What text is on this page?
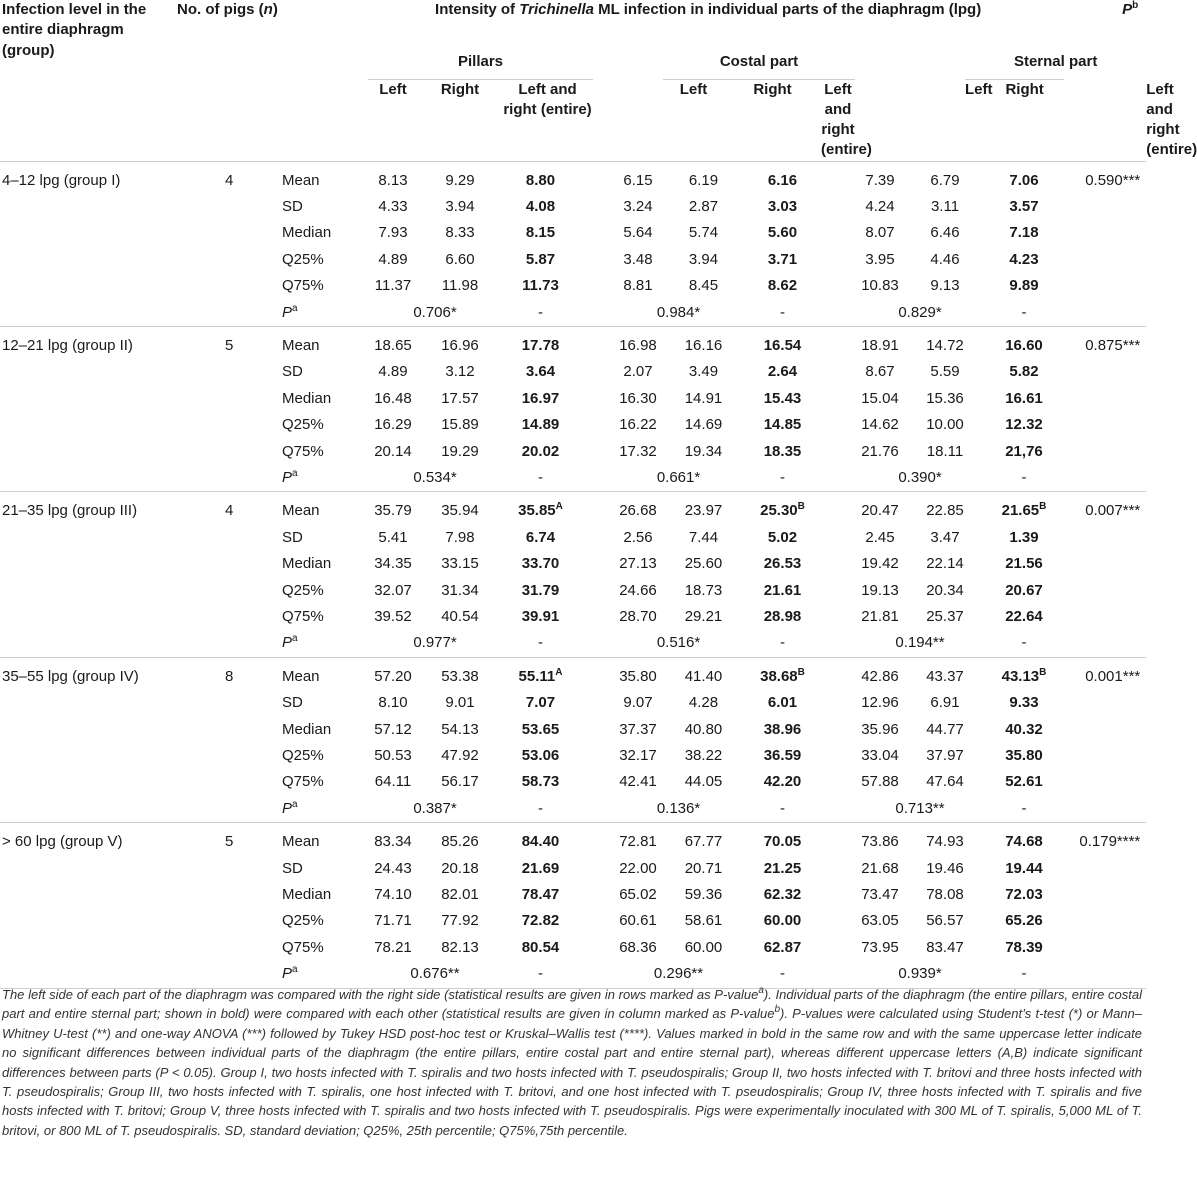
Infection level in the entire diaphragm (group)	No. of pigs (n)		Intensity of Trichinella ML infection in individual parts of the diaphragm (lpg)																$P^b$
				Pillars						Costal part							Sternal part			
				Left	Right	Left and right (entire)				Left	Right		Left and right (entire)				Left	Right		Left and right (entire)	
4–12 lpg (group I)	4	Mean		8.13	9.29	8.80			6.15	6.19		6.16			7.39	6.79		7.06		0.590***	
		SD		4.33	3.94	4.08			3.24	2.87		3.03			4.24	3.11		3.57		
		Median		7.93	8.33	8.15			5.64	5.74		5.60			8.07	6.46		7.18		
		Q25%		4.89	6.60	5.87			3.48	3.94		3.71			3.95	4.46		4.23		
		Q75%		11.37	11.98	11.73			8.81	8.45		8.62			10.83	9.13		9.89		
		$P^a$		0.706*		-			0.984*			-			0.829*			-		
12–21 lpg (group II)	5	Mean		18.65	16.96	17.78			16.98	16.16		16.54			18.91	14.72		16.60		0.875***	
		SD		4.89	3.12	3.64			2.07	3.49		2.64			8.67	5.59		5.82		
		Median		16.48	17.57	16.97			16.30	14.91		15.43			15.04	15.36		16.61		
		Q25%		16.29	15.89	14.89			16.22	14.69		14.85			14.62	10.00		12.32		
		Q75%		20.14	19.29	20.02			17.32	19.34		18.35			21.76	18.11		21,76		
		$P^a$		0.534*		-			0.661*			-			0.390*			-		
21–35 lpg (group III)	4	Mean		35.79	35.94	$35.85^A$			26.68	23.97		$25.30^B$			20.47	22.85		$21.65^B$		0.007***	
		SD		5.41	7.98	6.74			2.56	7.44		5.02			2.45	3.47		1.39		
		Median		34.35	33.15	33.70			27.13	25.60		26.53			19.42	22.14		21.56		
		Q25%		32.07	31.34	31.79			24.66	18.73		21.61			19.13	20.34		20.67		
		Q75%		39.52	40.54	39.91			28.70	29.21		28.98			21.81	25.37		22.64		
		$P^a$		0.977*		-			0.516*			-			0.194**			-		
35–55 lpg (group IV)	8	Mean		57.20	53.38	$55.11^A$			35.80	41.40		$38.68^B$			42.86	43.37		$43.13^B$		0.001***	
		SD		8.10	9.01	7.07			9.07	4.28		6.01			12.96	6.91		9.33		
		Median		57.12	54.13	53.65			37.37	40.80		38.96			35.96	44.77		40.32		
		Q25%		50.53	47.92	53.06			32.17	38.22		36.59			33.04	37.97		35.80		
		Q75%		64.11	56.17	58.73			42.41	44.05		42.20			57.88	47.64		52.61		
		$P^a$		0.387*		-			0.136*			-			0.713**			-		
> 60 lpg (group V)	5	Mean		83.34	85.26	84.40			72.81	67.77		70.05			73.86	74.93		74.68		0.179****	
		SD		24.43	20.18	21.69			22.00	20.71		21.25			21.68	19.46		19.44		
		Median		74.10	82.01	78.47			65.02	59.36		62.32			73.47	78.08		72.03		
		Q25%		71.71	77.92	72.82			60.61	58.61		60.00			63.05	56.57		65.26		
		Q75%		78.21	82.13	80.54			68.36	60.00		62.87			73.95	83.47		78.39		
		$P^a$		0.676**		-			0.296**			-			0.939*			-		
The left side of each part of the diaphragm was compared with the right side (statistical results are given in rows marked as P-value$^a$). Individual parts of the diaphragm (the entire pillars, entire costal part and entire sternal part; shown in bold) were compared with each other (statistical results are given in column marked as P-value$^b$). P-values were calculated using Student’s t-test (*) or Mann–Whitney U-test (**) and one-way ANOVA (***) followed by Tukey HSD post-hoc test or Kruskal–Wallis test (****). Values marked in bold in the same row and with the same uppercase letter indicate no significant differences between individual parts of the diaphragm (the entire pillars, entire costal part and entire sternal part), whereas different uppercase letters (A,B) indicate significant differences between parts (P < 0.05). Group I, two hosts infected with T. spiralis and two hosts infected with T. pseudospiralis; Group II, two hosts infected with T. britovi and three hosts infected with T. pseudospiralis; Group III, two hosts infected with T. spiralis, one host infected with T. britovi, and one host infected with T. pseudospiralis; Group IV, three hosts infected with T. spiralis and five hosts infected with T. britovi; Group V, three hosts infected with T. spiralis and two hosts infected with T. pseudospiralis. Pigs were experimentally inoculated with 300 ML of T. spiralis, 5,000 ML of T. britovi, or 800 ML of T. pseudospiralis. SD, standard deviation; Q25%, 25th percentile; Q75%,75th percentile.
